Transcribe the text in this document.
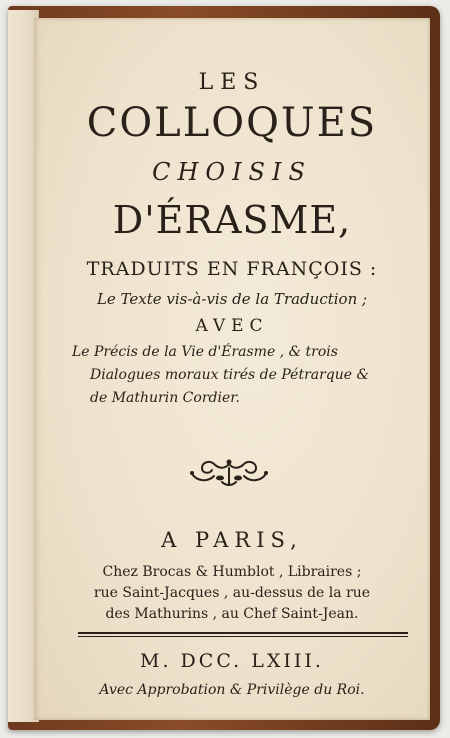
LES
COLLOQUES
CHOISIS
D'ÉRASME,
TRADUITS EN FRANÇOIS :
Le Texte vis-à-vis de la Traduction ;
AVEC
Le Précis de la Vie d'Érasme , & trois
Dialogues moraux tirés de Pétrarque &
de Mathurin Cordier.
A PARIS,
Chez Brocas & Humblot , Libraires ;
rue Saint-Jacques , au-dessus de la rue
des Mathurins , au Chef Saint-Jean.
M. DCC. LXIII.
Avec Approbation & Privilège du Roi.
